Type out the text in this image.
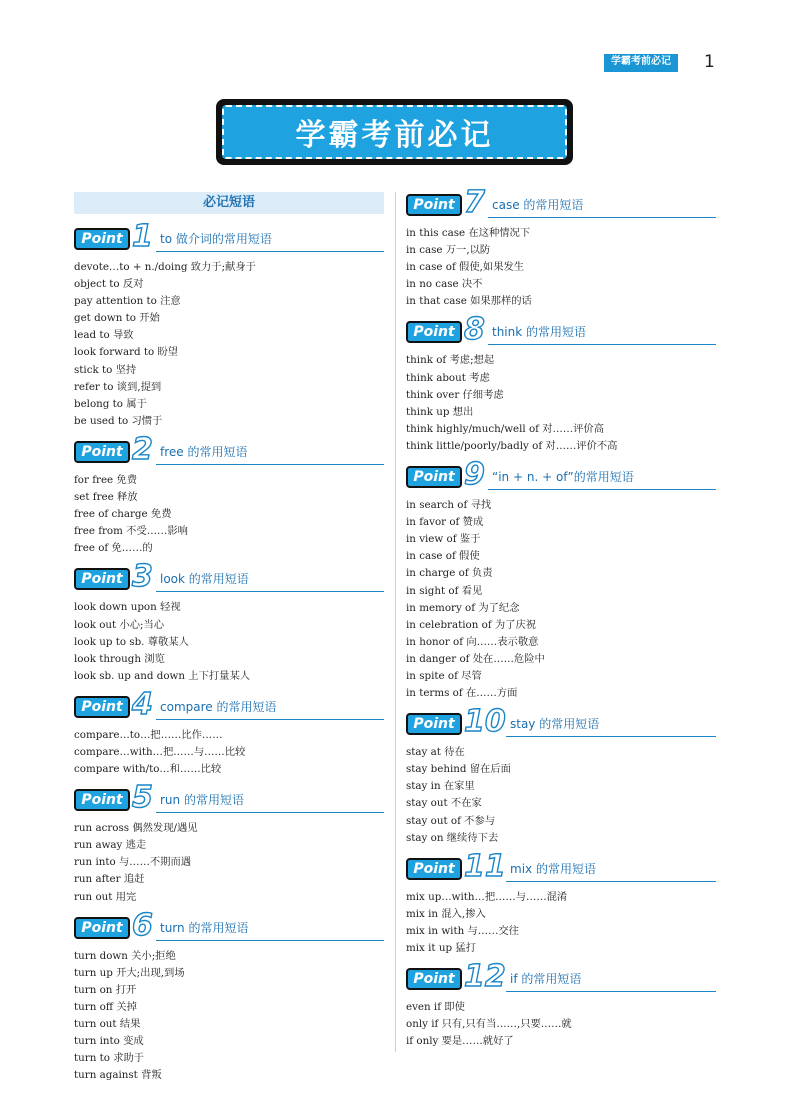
学霸考前必记	1
学霸考前必记
必记短语
Point 1 to 做介词的常用短语
devote…to + n./doing 致力于;献身于
object to 反对
pay attention to 注意
get down to 开始
lead to 导致
look forward to 盼望
stick to 坚持
refer to 谈到,提到
belong to 属于
be used to 习惯于
Point 2 free 的常用短语
for free 免费
set free 释放
free of charge 免费
free from 不受……影响
free of 免……的
Point 3 look 的常用短语
look down upon 轻视
look out 小心;当心
look up to sb. 尊敬某人
look through 浏览
look sb. up and down 上下打量某人
Point 4 compare 的常用短语
compare…to…把……比作……
compare…with…把……与……比较
compare with/to…和……比较
Point 5 run 的常用短语
run across 偶然发现/遇见
run away 逃走
run into 与……不期而遇
run after 追赶
run out 用完
Point 6 turn 的常用短语
turn down 关小;拒绝
turn up 开大;出现,到场
turn on 打开
turn off 关掉
turn out 结果
turn into 变成
turn to 求助于
turn against 背叛
Point 7 case 的常用短语
in this case 在这种情况下
in case 万一,以防
in case of 假使,如果发生
in no case 决不
in that case 如果那样的话
Point 8 think 的常用短语
think of 考虑;想起
think about 考虑
think over 仔细考虑
think up 想出
think highly/much/well of 对……评价高
think little/poorly/badly of 对……评价不高
Point 9 “in + n. + of”的常用短语
in search of 寻找
in favor of 赞成
in view of 鉴于
in case of 假使
in charge of 负责
in sight of 看见
in memory of 为了纪念
in celebration of 为了庆祝
in honor of 向……表示敬意
in danger of 处在……危险中
in spite of 尽管
in terms of 在……方面
Point 10 stay 的常用短语
stay at 待在
stay behind 留在后面
stay in 在家里
stay out 不在家
stay out of 不参与
stay on 继续待下去
Point 11 mix 的常用短语
mix up…with…把……与……混淆
mix in 混入,掺入
mix in with 与……交往
mix it up 猛打
Point 12 if 的常用短语
even if 即使
only if 只有,只有当……,只要……就
if only 要是……就好了
